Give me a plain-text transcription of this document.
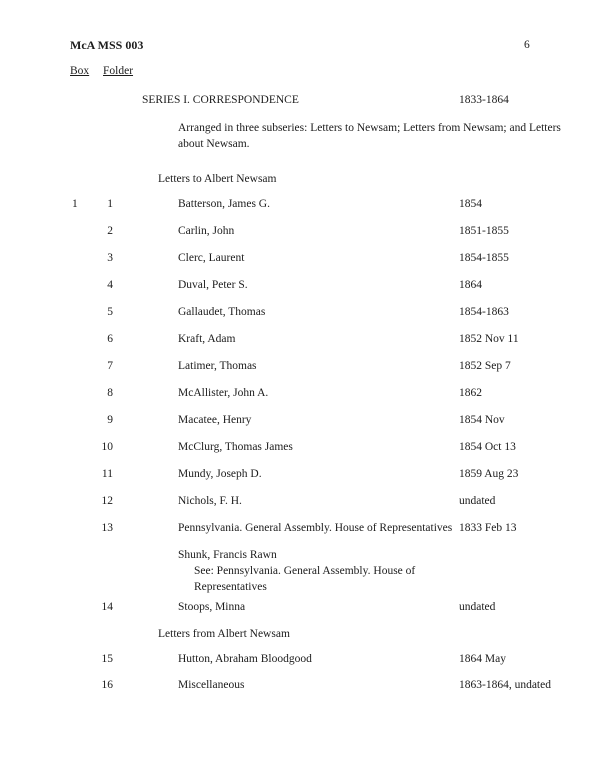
McA MSS 003	6
Box Folder
SERIES I. CORRESPONDENCE	1833-1864
Arranged in three subseries: Letters to Newsam; Letters from Newsam; and Letters
about Newsam.
Letters to Albert Newsam
1	1	Batterson, James G.	1854
2	Carlin, John	1851-1855
3	Clerc, Laurent	1854-1855
4	Duval, Peter S.	1864
5	Gallaudet, Thomas	1854-1863
6	Kraft, Adam	1852 Nov 11
7	Latimer, Thomas	1852 Sep 7
8	McAllister, John A.	1862
9	Macatee, Henry	1854 Nov
10	McClurg, Thomas James	1854 Oct 13
11	Mundy, Joseph D.	1859 Aug 23
12	Nichols, F. H.	undated
13	Pennsylvania. General Assembly. House of Representatives 1833 Feb 13
Shunk, Francis Rawn
See: Pennsylvania. General Assembly. House of
Representatives
14	Stoops, Minna	undated
Letters from Albert Newsam
15	Hutton, Abraham Bloodgood	1864 May
16	Miscellaneous	1863-1864, undated
